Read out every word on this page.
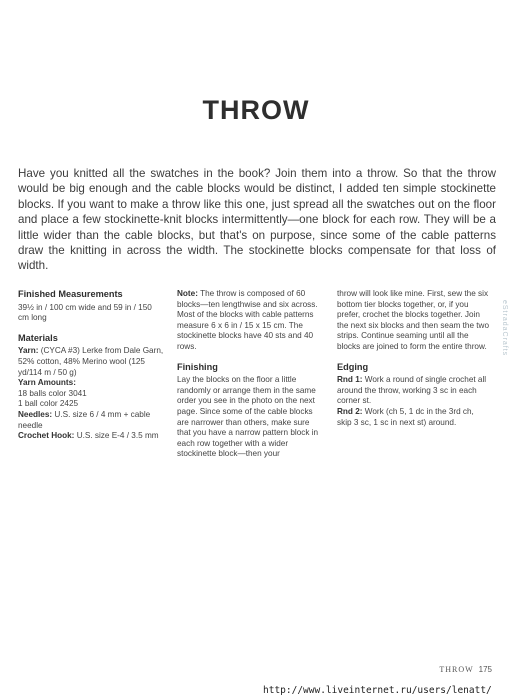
THROW

Have you knitted all the swatches in the book? Join them into a throw. So that the throw would be big enough and the cable blocks would be distinct, I added ten simple stockinette blocks. If you want to make a throw like this one, just spread all the swatches out on the floor and place a few stockinette-knit blocks intermittently—one block for each row. They will be a little wider than the cable blocks, but that's on purpose, since some of the cable patterns draw the knitting in across the width. The stockinette blocks compensate for that loss of width.

Finished Measurements

39½ in / 100 cm wide and 59 in / 150 cm long

Materials

Yarn: (CYCA #3) Lerke from Dale Garn, 52% cotton, 48% Merino wool (125 yd/114 m / 50 g)

Yarn Amounts:

18 balls color 3041
1 ball color 2425

Needles: U.S. size 6 / 4 mm + cable needle

Crochet Hook: U.S. size E-4 / 3.5 mm

Note: The throw is composed of 60 blocks—ten lengthwise and six across. Most of the blocks with cable patterns measure 6 x 6 in / 15 x 15 cm. The stockinette blocks have 40 sts and 40 rows.

Finishing

Lay the blocks on the floor a little randomly or arrange them in the same order you see in the photo on the next page. Since some of the cable blocks are narrower than others, make sure that you have a narrow pattern block in each row together with a wider stockinette block—then your

throw will look like mine. First, sew the six bottom tier blocks together, or, if you prefer, crochet the blocks together. Join the next six blocks and then seam the two strips. Continue seaming until all the blocks are joined to form the entire throw.

Edging

Rnd 1: Work a round of single crochet all around the throw, working 3 sc in each corner st.

Rnd 2: Work (ch 5, 1 dc in the 3rd ch, skip 3 sc, 1 sc in next st) around.

eStradaCrafts
THROW 175
http://www.liveinternet.ru/users/lenatt/
